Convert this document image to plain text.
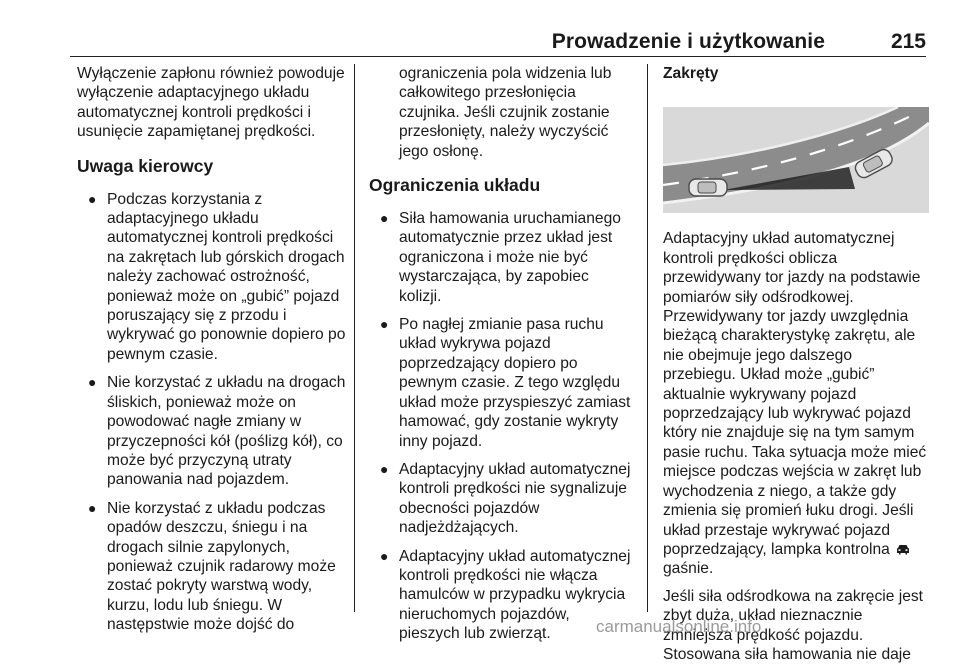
Prowadzenie i użytkowanie	215

Wyłączenie zapłonu również powoduje wyłączenie adaptacyjnego układu automatycznej kontroli prędkości i usunięcie zapamiętanej prędkości.

Uwaga kierowcy
● Podczas korzystania z adaptacyjnego układu automatycznej kontroli prędkości na zakrętach lub górskich drogach należy zachować ostrożność, ponieważ może on „gubić” pojazd poruszający się z przodu i wykrywać go ponownie dopiero po pewnym czasie.
● Nie korzystać z układu na drogach śliskich, ponieważ może on powodować nagłe zmiany w przyczepności kół (poślizg kół), co może być przyczyną utraty panowania nad pojazdem.
● Nie korzystać z układu podczas opadów deszczu, śniegu i na drogach silnie zapylonych, ponieważ czujnik radarowy może zostać pokryty warstwą wody, kurzu, lodu lub śniegu. W następstwie może dojść do

ograniczenia pola widzenia lub całkowitego przesłonięcia czujnika. Jeśli czujnik zostanie przesłonięty, należy wyczyścić jego osłonę.

Ograniczenia układu
● Siła hamowania uruchamianego automatycznie przez układ jest ograniczona i może nie być wystarczająca, by zapobiec kolizji.
● Po nagłej zmianie pasa ruchu układ wykrywa pojazd poprzedzający dopiero po pewnym czasie. Z tego względu układ może przyspieszyć zamiast hamować, gdy zostanie wykryty inny pojazd.
● Adaptacyjny układ automatycznej kontroli prędkości nie sygnalizuje obecności pojazdów nadjeżdżających.
● Adaptacyjny układ automatycznej kontroli prędkości nie włącza hamulców w przypadku wykrycia nieruchomych pojazdów, pieszych lub zwierząt.
Zakręty

Adaptacyjny układ automatycznej kontroli prędkości oblicza przewidywany tor jazdy na podstawie pomiarów siły odśrodkowej. Przewidywany tor jazdy uwzględnia bieżącą charakterystykę zakrętu, ale nie obejmuje jego dalszego przebiegu. Układ może „gubić” aktualnie wykrywany pojazd poprzedzający lub wykrywać pojazd który nie znajduje się na tym samym pasie ruchu. Taka sytuacja może mieć miejsce podczas wejścia w zakręt lub wychodzenia z niego, a także gdy zmienia się promień łuku drogi. Jeśli układ przestaje wykrywać pojazd poprzedzający, lampka kontrolna  gaśnie.

Jeśli siła odśrodkowa na zakręcie jest zbyt duża, układ nieznacznie zmniejsza prędkość pojazdu. Stosowana siła hamowania nie daje

carmanualsonline.info
